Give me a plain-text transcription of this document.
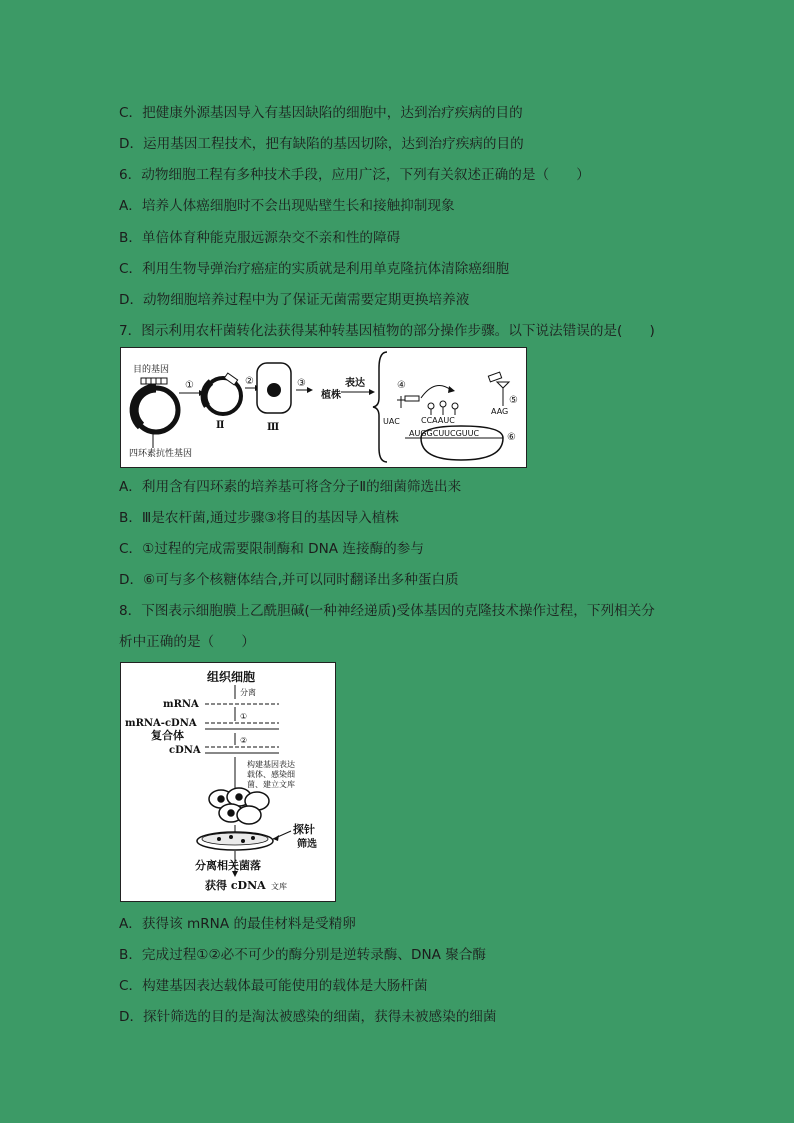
C．把健康外源基因导入有基因缺陷的细胞中，达到治疗疾病的目的
D．运用基因工程技术，把有缺陷的基因切除，达到治疗疾病的目的
6．动物细胞工程有多种技术手段，应用广泛，下列有关叙述正确的是（　　）
A．培养人体癌细胞时不会出现贴壁生长和接触抑制现象
B．单倍体育种能克服远源杂交不亲和性的障碍
C．利用生物导弹治疗癌症的实质就是利用单克隆抗体清除癌细胞
D．动物细胞培养过程中为了保证无菌需要定期更换培养液
7．图示利用农杆菌转化法获得某种转基因植物的部分操作步骤。以下说法错误的是(　　)
目的基因
四环素抗性基因
①
Ⅱ
②
Ⅲ
③
植株
表达	④
UAC	CCAAUC
AUGGCUUCGUUC
AAG
⑤
⑥
A．利用含有四环素的培养基可将含分子Ⅱ的细菌筛选出来
B．Ⅲ是农杆菌,通过步骤③将目的基因导入植株
C．①过程的完成需要限制酶和 DNA 连接酶的参与
D．⑥可与多个核糖体结合,并可以同时翻译出多种蛋白质
8．下图表示细胞膜上乙酰胆碱(一种神经递质)受体基因的克隆技术操作过程，下列相关分
析中正确的是（　　）
组织细胞
分离
mRNA
①
mRNA-cDNA
复合体	②
cDNA
构建基因表达
载体、感染细
菌、建立文库
探针
筛选
分离相关菌落
获得 cDNA 文库
A．获得该 mRNA 的最佳材料是受精卵
B．完成过程①②必不可少的酶分别是逆转录酶、DNA 聚合酶
C．构建基因表达载体最可能使用的载体是大肠杆菌
D．探针筛选的目的是淘汰被感染的细菌，获得未被感染的细菌
